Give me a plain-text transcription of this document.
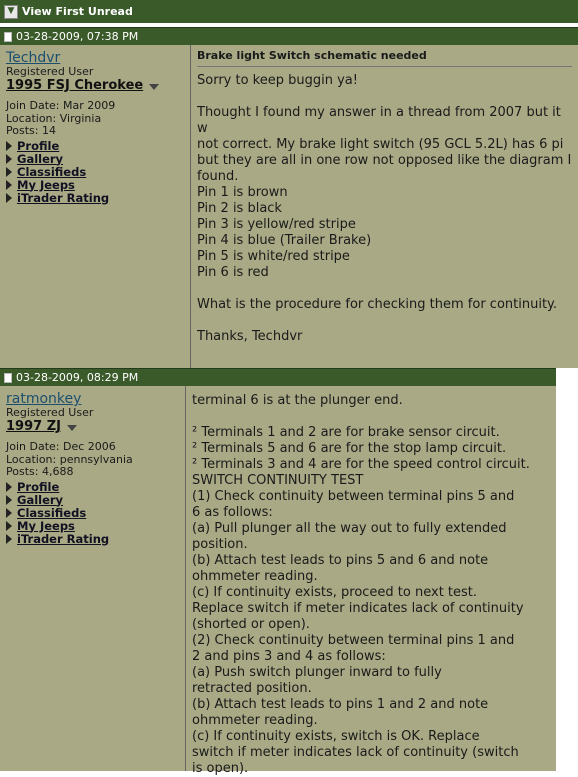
▼ View First Unread
03-28-2009, 07:38 PM
Techdvr
Registered User
1995 FSJ Cherokee
Join Date: Mar 2009
Location: Virginia
Posts: 14
Profile
Gallery
Classifieds
My Jeeps
iTrader Rating
Brake light Switch schematic needed
Sorry to keep buggin ya!

Thought I found my answer in a thread from 2007 but it w
not correct. My brake light switch (95 GCL 5.2L) has 6 pi
but they are all in one row not opposed like the diagram I
found.
Pin 1 is brown
Pin 2 is black
Pin 3 is yellow/red stripe
Pin 4 is blue (Trailer Brake)
Pin 5 is white/red stripe
Pin 6 is red

What is the procedure for checking them for continuity.

Thanks, Techdvr
03-28-2009, 08:29 PM
ratmonkey
Registered User
1997 ZJ
Join Date: Dec 2006
Location: pennsylvania
Posts: 4,688
Profile
Gallery
Classifieds
My Jeeps
iTrader Rating
terminal 6 is at the plunger end.

² Terminals 1 and 2 are for brake sensor circuit.
² Terminals 5 and 6 are for the stop lamp circuit.
² Terminals 3 and 4 are for the speed control circuit.
SWITCH CONTINUITY TEST
(1) Check continuity between terminal pins 5 and
6 as follows:
(a) Pull plunger all the way out to fully extended
position.
(b) Attach test leads to pins 5 and 6 and note
ohmmeter reading.
(c) If continuity exists, proceed to next test.
Replace switch if meter indicates lack of continuity
(shorted or open).
(2) Check continuity between terminal pins 1 and
2 and pins 3 and 4 as follows:
(a) Push switch plunger inward to fully
retracted position.
(b) Attach test leads to pins 1 and 2 and note
ohmmeter reading.
(c) If continuity exists, switch is OK. Replace
switch if meter indicates lack of continuity (switch
is open).
